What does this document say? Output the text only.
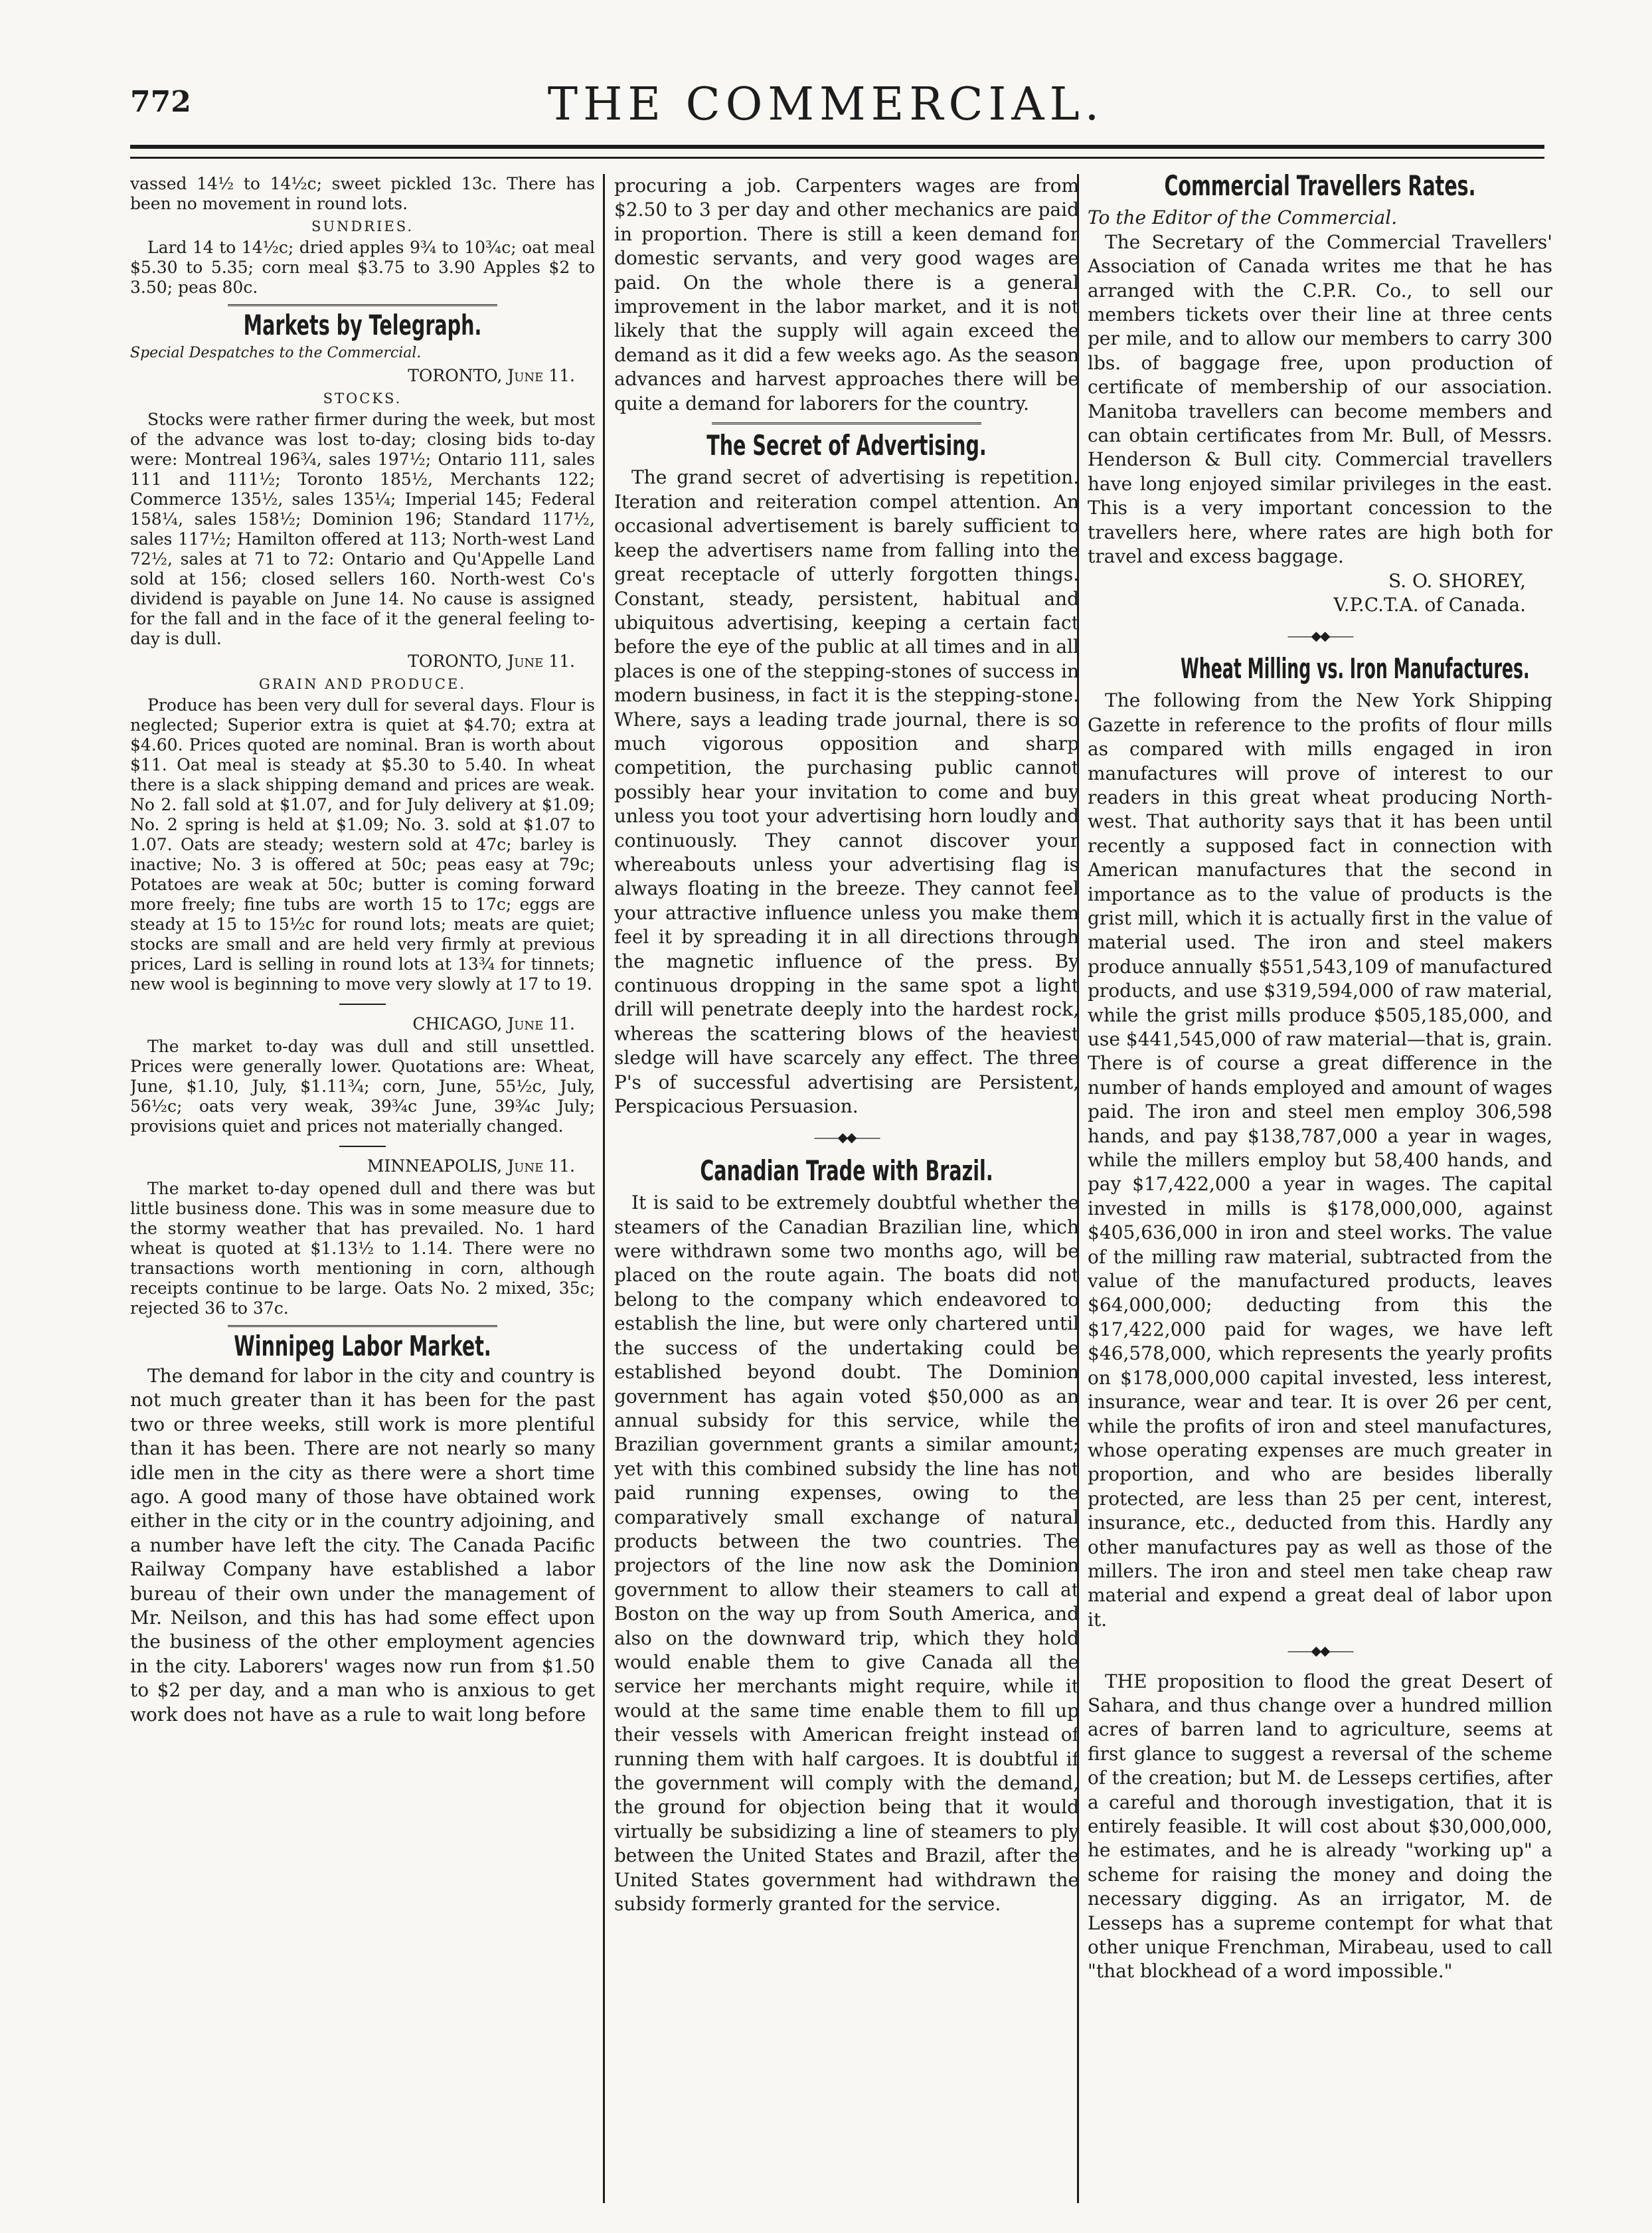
772	THE COMMERCIAL.

vassed 14½ to 14½c; sweet pickled 13c. There has been no movement in round lots.

SUNDRIES.

Lard 14 to 14½c; dried apples 9¾ to 10¾c; oat meal $5.30 to 5.35; corn meal $3.75 to 3.90 Apples $2 to 3.50; peas 80c.

Markets by Telegraph.
Special Despatches to the Commercial.
TORONTO, June 11.
STOCKS.

Stocks were rather firmer during the week, but most of the advance was lost to-day; closing bids to-day were: Montreal 196¾, sales 197½; Ontario 111, sales 111 and 111½; Toronto 185½, Merchants 122; Commerce 135½, sales 135¼; Imperial 145; Federal 158¼, sales 158½; Dominion 196; Standard 117½, sales 117½; Hamilton offered at 113; North-west Land 72½, sales at 71 to 72: Ontario and Qu'Appelle Land sold at 156; closed sellers 160. North-west Co's dividend is payable on June 14. No cause is assigned for the fall and in the face of it the general feeling to-day is dull.

TORONTO, June 11.
GRAIN AND PRODUCE.

Produce has been very dull for several days. Flour is neglected; Superior extra is quiet at $4.70; extra at $4.60. Prices quoted are nominal. Bran is worth about $11. Oat meal is steady at $5.30 to 5.40. In wheat there is a slack shipping demand and prices are weak. No 2. fall sold at $1.07, and for July delivery at $1.09; No. 2 spring is held at $1.09; No. 3. sold at $1.07 to 1.07. Oats are steady; western sold at 47c; barley is inactive; No. 3 is offered at 50c; peas easy at 79c; Potatoes are weak at 50c; butter is coming forward more freely; fine tubs are worth 15 to 17c; eggs are steady at 15 to 15½c for round lots; meats are quiet; stocks are small and are held very firmly at previous prices, Lard is selling in round lots at 13¾ for tinnets; new wool is beginning to move very slowly at 17 to 19.

CHICAGO, June 11.

The market to-day was dull and still unsettled. Prices were generally lower. Quotations are: Wheat, June, $1.10, July, $1.11¾; corn, June, 55½c, July, 56½c; oats very weak, 39¾c June, 39¾c July; provisions quiet and prices not materially changed.

MINNEAPOLIS, June 11.

The market to-day opened dull and there was but little business done. This was in some measure due to the stormy weather that has prevailed. No. 1 hard wheat is quoted at $1.13½ to 1.14. There were no transactions worth mentioning in corn, although receipts continue to be large. Oats No. 2 mixed, 35c; rejected 36 to 37c.

Winnipeg Labor Market.

The demand for labor in the city and country is not much greater than it has been for the past two or three weeks, still work is more plentiful than it has been. There are not nearly so many idle men in the city as there were a short time ago. A good many of those have obtained work either in the city or in the country adjoining, and a number have left the city. The Canada Pacific Railway Company have established a labor bureau of their own under the management of Mr. Neilson, and this has had some effect upon the business of the other employment agencies in the city. Laborers' wages now run from $1.50 to $2 per day, and a man who is anxious to get work does not have as a rule to wait long before

procuring a job. Carpenters wages are from $2.50 to 3 per day and other mechanics are paid in proportion. There is still a keen demand for domestic servants, and very good wages are paid. On the whole there is a general improvement in the labor market, and it is not likely that the supply will again exceed the demand as it did a few weeks ago. As the season advances and harvest approaches there will be quite a demand for laborers for the country.

The Secret of Advertising.

The grand secret of advertising is repetition. Iteration and reiteration compel attention. An occasional advertisement is barely sufficient to keep the advertisers name from falling into the great receptacle of utterly forgotten things. Constant, steady, persistent, habitual and ubiquitous advertising, keeping a certain fact before the eye of the public at all times and in all places is one of the stepping-stones of success in modern business, in fact it is the stepping-stone. Where, says a leading trade journal, there is so much vigorous opposition and sharp competition, the purchasing public cannot possibly hear your invitation to come and buy unless you toot your advertising horn loudly and continuously. They cannot discover your whereabouts unless your advertising flag is always floating in the breeze. They cannot feel your attractive influence unless you make them feel it by spreading it in all directions through the magnetic influence of the press. By continuous dropping in the same spot a light drill will penetrate deeply into the hardest rock, whereas the scattering blows of the heaviest sledge will have scarcely any effect. The three P's of successful advertising are Persistent, Perspicacious Persuasion.

——◆◆——
Canadian Trade with Brazil.

It is said to be extremely doubtful whether the steamers of the Canadian Brazilian line, which were withdrawn some two months ago, will be placed on the route again. The boats did not belong to the company which endeavored to establish the line, but were only chartered until the success of the undertaking could be established beyond doubt. The Dominion government has again voted $50,000 as an annual subsidy for this service, while the Brazilian government grants a similar amount; yet with this combined subsidy the line has not paid running expenses, owing to the comparatively small exchange of natural products between the two countries. The projectors of the line now ask the Dominion government to allow their steamers to call at Boston on the way up from South America, and also on the downward trip, which they hold would enable them to give Canada all the service her merchants might require, while it would at the same time enable them to fill up their vessels with American freight instead of running them with half cargoes. It is doubtful if the government will comply with the demand, the ground for objection being that it would virtually be subsidizing a line of steamers to ply between the United States and Brazil, after the United States government had withdrawn the subsidy formerly granted for the service.

Commercial Travellers Rates.
To the Editor of the Commercial.

The Secretary of the Commercial Travellers' Association of Canada writes me that he has arranged with the C.P.R. Co., to sell our members tickets over their line at three cents per mile, and to allow our members to carry 300 lbs. of baggage free, upon production of certificate of membership of our association. Manitoba travellers can become members and can obtain certificates from Mr. Bull, of Messrs. Henderson & Bull city. Commercial travellers have long enjoyed similar privileges in the east. This is a very important concession to the travellers here, where rates are high both for travel and excess baggage.

S. O. SHOREY,
V.P.C.T.A. of Canada.
——◆◆——
Wheat Milling vs. Iron Manufactures.

The following from the New York Shipping Gazette in reference to the profits of flour mills as compared with mills engaged in iron manufactures will prove of interest to our readers in this great wheat producing North-west. That authority says that it has been until recently a supposed fact in connection with American manufactures that the second in importance as to the value of products is the grist mill, which it is actually first in the value of material used. The iron and steel makers produce annually $551,543,109 of manufactured products, and use $319,594,000 of raw material, while the grist mills produce $505,185,000, and use $441,545,000 of raw material—that is, grain. There is of course a great difference in the number of hands employed and amount of wages paid. The iron and steel men employ 306,598 hands, and pay $138,787,000 a year in wages, while the millers employ but 58,400 hands, and pay $17,422,000 a year in wages. The capital invested in mills is $178,000,000, against $405,636,000 in iron and steel works. The value of the milling raw material, subtracted from the value of the manufactured products, leaves $64,000,000; deducting from this the $17,422,000 paid for wages, we have left $46,578,000, which represents the yearly profits on $178,000,000 capital invested, less interest, insurance, wear and tear. It is over 26 per cent, while the profits of iron and steel manufactures, whose operating expenses are much greater in proportion, and who are besides liberally protected, are less than 25 per cent, interest, insurance, etc., deducted from this. Hardly any other manufactures pay as well as those of the millers. The iron and steel men take cheap raw material and expend a great deal of labor upon it.

——◆◆——

THE proposition to flood the great Desert of Sahara, and thus change over a hundred million acres of barren land to agriculture, seems at first glance to suggest a reversal of the scheme of the creation; but M. de Lesseps certifies, after a careful and thorough investigation, that it is entirely feasible. It will cost about $30,000,000, he estimates, and he is already "working up" a scheme for raising the money and doing the necessary digging. As an irrigator, M. de Lesseps has a supreme contempt for what that other unique Frenchman, Mirabeau, used to call "that blockhead of a word impossible."
